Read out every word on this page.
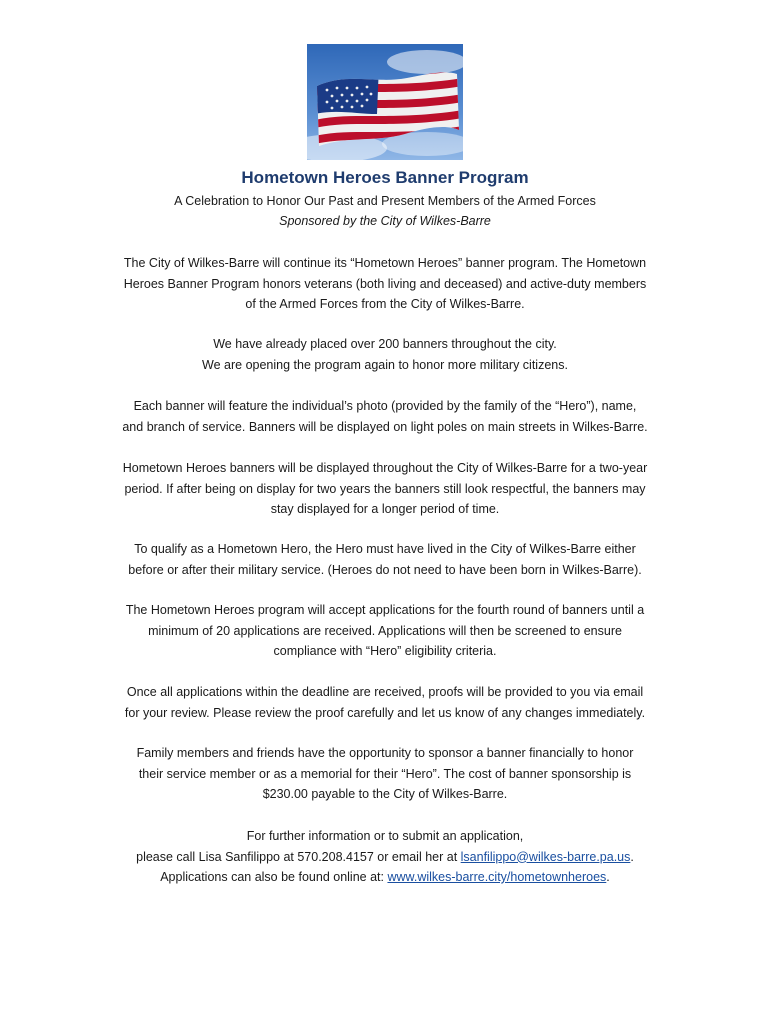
Hometown Heroes Banner Program
A Celebration to Honor Our Past and Present Members of the Armed Forces
Sponsored by the City of Wilkes-Barre
The City of Wilkes-Barre will continue its “Hometown Heroes” banner program. The Hometown
Heroes Banner Program honors veterans (both living and deceased) and active-duty members
of the Armed Forces from the City of Wilkes-Barre.
We have already placed over 200 banners throughout the city.
We are opening the program again to honor more military citizens.
Each banner will feature the individual’s photo (provided by the family of the “Hero”), name,
and branch of service. Banners will be displayed on light poles on main streets in Wilkes-Barre.
Hometown Heroes banners will be displayed throughout the City of Wilkes-Barre for a two-year
period. If after being on display for two years the banners still look respectful, the banners may
stay displayed for a longer period of time.
To qualify as a Hometown Hero, the Hero must have lived in the City of Wilkes-Barre either
before or after their military service. (Heroes do not need to have been born in Wilkes-Barre).
The Hometown Heroes program will accept applications for the fourth round of banners until a
minimum of 20 applications are received. Applications will then be screened to ensure
compliance with “Hero” eligibility criteria.
Once all applications within the deadline are received, proofs will be provided to you via email
for your review. Please review the proof carefully and let us know of any changes immediately.
Family members and friends have the opportunity to sponsor a banner financially to honor
their service member or as a memorial for their “Hero”. The cost of banner sponsorship is
$230.00 payable to the City of Wilkes-Barre.
For further information or to submit an application,
please call Lisa Sanfilippo at 570.208.4157 or email her at lsanfilippo@wilkes-barre.pa.us.
Applications can also be found online at: www.wilkes-barre.city/hometownheroes.
